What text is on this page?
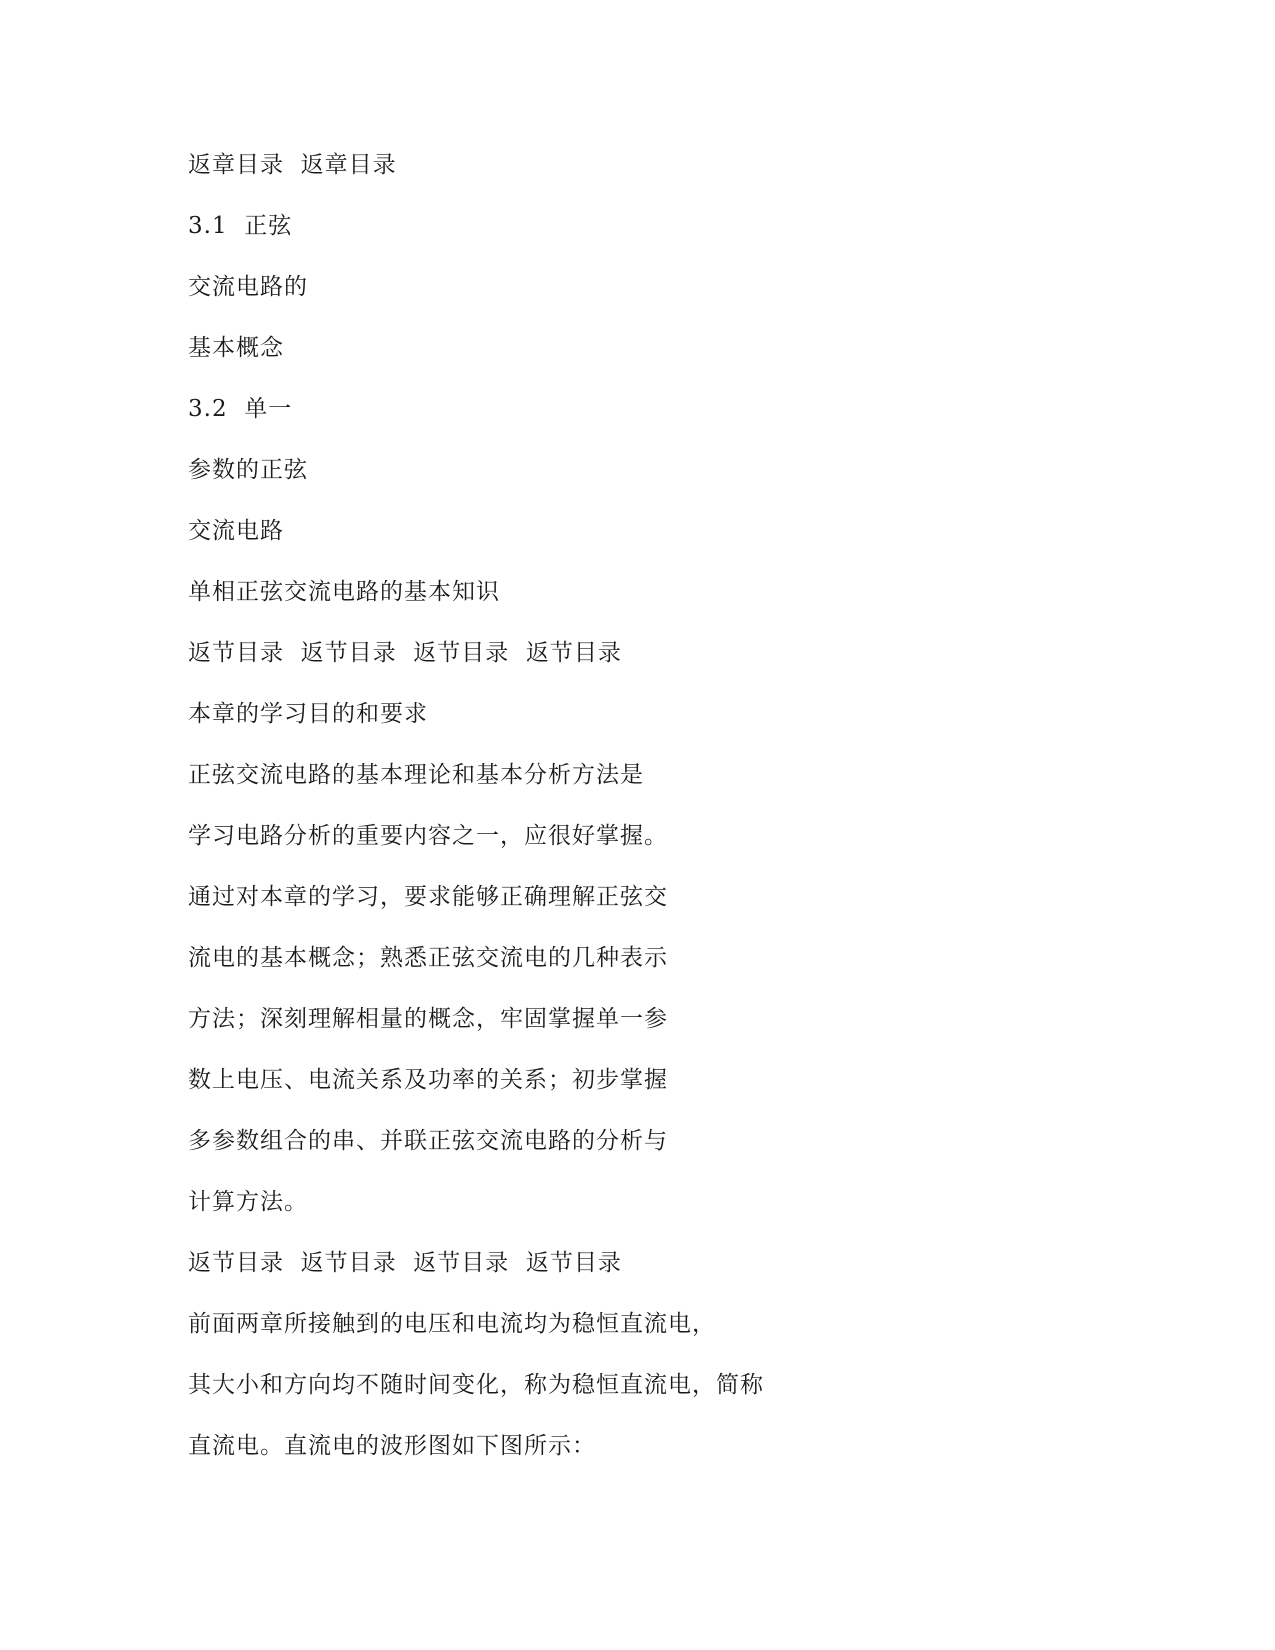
返章目录  返章目录
3.1  正弦
交流电路的
基本概念
3.2  单一
参数的正弦
交流电路
单相正弦交流电路的基本知识
返节目录  返节目录  返节目录  返节目录
本章的学习目的和要求
正弦交流电路的基本理论和基本分析方法是
学习电路分析的重要内容之一，应很好掌握。
通过对本章的学习，要求能够正确理解正弦交
流电的基本概念；熟悉正弦交流电的几种表示
方法；深刻理解相量的概念，牢固掌握单一参
数上电压、电流关系及功率的关系；初步掌握
多参数组合的串、并联正弦交流电路的分析与
计算方法。
返节目录  返节目录  返节目录  返节目录
前面两章所接触到的电压和电流均为稳恒直流电，
其大小和方向均不随时间变化，称为稳恒直流电，简称
直流电。直流电的波形图如下图所示：
